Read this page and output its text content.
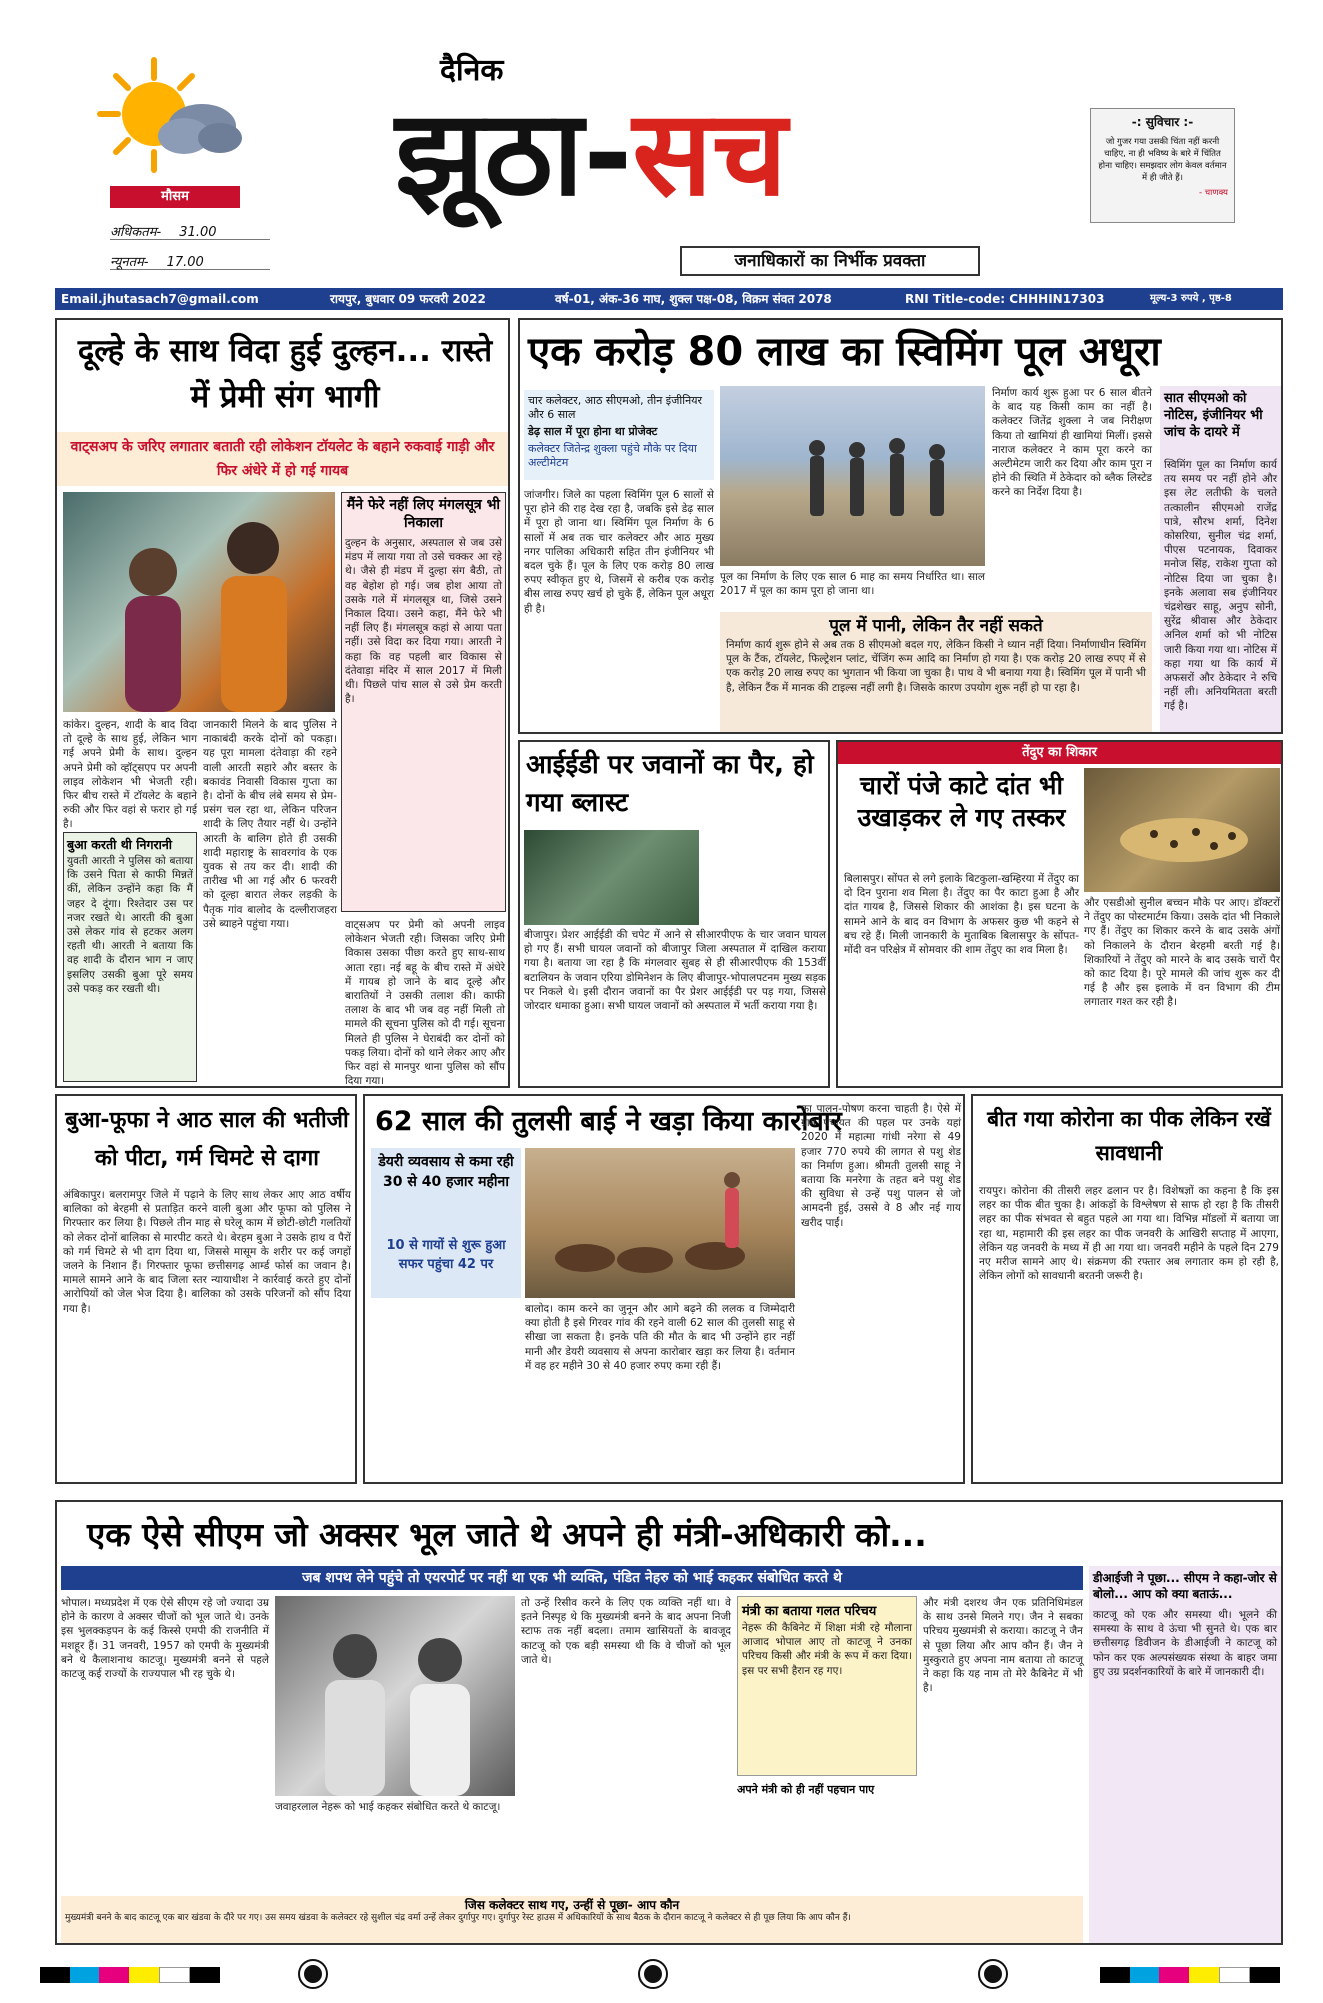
मौसम
अधिकतम- 31.00
न्यूनतम- 17.00
दैनिक
झूठा-सच
जनाधिकारों का निर्भीक प्रवक्ता
-: सुविचार :-
जो गुजर गया उसकी चिंता नहीं करनी चाहिए, ना ही भविष्य के बारे में चिंतित होना चाहिए। समझदार लोग केवल वर्तमान में ही जीते हैं।
- चाणक्य
Email.jhutasach7@gmail.com	रायपुर, बुधवार 09 फरवरी 2022	वर्ष-01, अंक-36 माघ, शुक्ल पक्ष-08, विक्रम संवत 2078	RNI Title-code: CHHHIN17303	मूल्य-3 रुपये , पृष्ठ-8
दूल्हे के साथ विदा हुई दुल्हन... रास्ते में प्रेमी संग भागी
वाट्सअप के जरिए लगातार बताती रही लोकेशन टॉयलेट के बहाने रुकवाई गाड़ी और फिर अंधेरे में हो गई गायब
मैंने फेरे नहीं लिए मंगलसूत्र भी निकाला
दुल्हन के अनुसार, अस्पताल से जब उसे मंडप में लाया गया तो उसे चक्कर आ रहे थे। जैसे ही मंडप में दुल्हा संग बैठी, तो वह बेहोश हो गई। जब होश आया तो उसके गले में मंगलसूत्र था, जिसे उसने निकाल दिया। उसने कहा, मैंने फेरे भी नहीं लिए हैं। मंगलसूत्र कहां से आया पता नहीं। उसे विदा कर दिया गया। आरती ने कहा कि वह पहली बार विकास से दंतेवाड़ा मंदिर में साल 2017 में मिली थी। पिछले पांच साल से उसे प्रेम करती है।
कांकेर। दुल्हन, शादी के बाद विदा तो दूल्हे के साथ हुई, लेकिन भाग गई अपने प्रेमी के साथ। दुल्हन अपने प्रेमी को व्हॉट्सएप पर अपनी लाइव लोकेशन भी भेजती रही। फिर बीच रास्ते में टॉयलेट के बहाने रुकी और फिर वहां से फरार हो गई है।
बुआ करती थी निगरानी
युवती आरती ने पुलिस को बताया कि उसने पिता से काफी मिन्नतें कीं, लेकिन उन्होंने कहा कि मैं जहर दे दूंगा। रिश्तेदार उस पर नजर रखते थे। आरती की बुआ उसे लेकर गांव से हटकर अलग रहती थी। आरती ने बताया कि वह शादी के दौरान भाग न जाए इसलिए उसकी बुआ पूरे समय उसे पकड़ कर रखती थी।
जानकारी मिलने के बाद पुलिस ने नाकाबंदी करके दोनों को पकड़ा। यह पूरा मामला दंतेवाड़ा की रहने वाली आरती सहारे और बस्तर के बकावंड निवासी विकास गुप्ता का है। दोनों के बीच लंबे समय से प्रेम-प्रसंग चल रहा था, लेकिन परिजन शादी के लिए तैयार नहीं थे। उन्होंने आरती के बालिग होते ही उसकी शादी महाराष्ट्र के सावरगांव के एक युवक से तय कर दी। शादी की तारीख भी आ गई और 6 फरवरी को दूल्हा बारात लेकर लड़की के पैतृक गांव बालोद के दल्लीराजहरा उसे ब्याहने पहुंचा गया।	वाट्सअप पर प्रेमी को अपनी लाइव लोकेशन भेजती रही। जिसका जरिए प्रेमी विकास उसका पीछा करते हुए साथ-साथ आता रहा। नई बहू के बीच रास्ते में अंधेरे में गायब हो जाने के बाद दूल्हे और बारातियों ने उसकी तलाश की। काफी तलाश के बाद भी जब वह नहीं मिली तो मामले की सूचना पुलिस को दी गई। सूचना मिलते ही पुलिस ने घेराबंदी कर दोनों को पकड़ लिया। दोनों को थाने लेकर आए और फिर वहां से मानपुर थाना पुलिस को सौंप दिया गया।
एक करोड़ 80 लाख का स्विमिंग पूल अधूरा
चार कलेक्टर, आठ सीएमओ, तीन इंजीनियर और 6 साल
डेढ़ साल में पूरा होना था प्रोजेक्ट
कलेक्टर जितेन्द्र शुक्ला पहुंचे मौके पर दिया अल्टीमेटम
जांजगीर। जिले का पहला स्विमिंग पूल 6 सालों से पूरा होने की राह देख रहा है, जबकि इसे डेढ़ साल में पूरा हो जाना था। स्विमिंग पूल निर्माण के 6 सालों में अब तक चार कलेक्टर और आठ मुख्य नगर पालिका अधिकारी सहित तीन इंजीनियर भी बदल चुके हैं। पूल के लिए एक करोड़ 80 लाख रुपए स्वीकृत हुए थे, जिसमें से करीब एक करोड़ बीस लाख रुपए खर्च हो चुके हैं, लेकिन पूल अधूरा ही है।
पूल का निर्माण के लिए एक साल 6 माह का समय निर्धारित था। साल 2017 में पूल का काम पूरा हो जाना था।
निर्माण कार्य शुरू हुआ पर 6 साल बीतने के बाद यह किसी काम का नहीं है। कलेक्टर जितेंद्र शुक्ला ने जब निरीक्षण किया तो खामियां ही खामियां मिलीं। इससे नाराज कलेक्टर ने काम पूरा करने का अल्टीमेटम जारी कर दिया और काम पूरा न होने की स्थिति में ठेकेदार को ब्लैक लिस्टेड करने का निर्देश दिया है।
पूल में पानी, लेकिन तैर नहीं सकते
निर्माण कार्य शुरू होने से अब तक 8 सीएमओ बदल गए, लेकिन किसी ने ध्यान नहीं दिया। निर्माणाधीन स्विमिंग पूल के टैंक, टॉयलेट, फिल्ट्रेशन प्लांट, चेंजिंग रूम आदि का निर्माण हो गया है। एक करोड़ 20 लाख रुपए में से एक करोड़ 20 लाख रुपए का भुगतान भी किया जा चुका है। पाथ वे भी बनाया गया है। स्विमिंग पूल में पानी भी है, लेकिन टैंक में मानक की टाइल्स नहीं लगी है। जिसके कारण उपयोग शुरू नहीं हो पा रहा है।
सात सीएमओ को नोटिस, इंजीनियर भी जांच के दायरे में
स्विमिंग पूल का निर्माण कार्य तय समय पर नहीं होने और इस लेट लतीफी के चलते तत्कालीन सीएमओ राजेंद्र पात्रे, सौरभ शर्मा, दिनेश कोसरिया, सुनील चंद्र शर्मा, पीएस पटनायक, दिवाकर मनोज सिंह, राकेश गुप्ता को नोटिस दिया जा चुका है। इनके अलावा सब इंजीनियर चंद्रशेखर साहू, अनुप सोनी, सुरेंद्र श्रीवास और ठेकेदार अनिल शर्मा को भी नोटिस जारी किया गया था। नोटिस में कहा गया था कि कार्य में अफसरों और ठेकेदार ने रुचि नहीं ली। अनियमितता बरती गई है।
आईईडी पर जवानों का पैर, हो गया ब्लास्ट
बीजापुर। प्रेशर आईईडी की चपेट में आने से सीआरपीएफ के चार जवान घायल हो गए हैं। सभी घायल जवानों को बीजापुर जिला अस्पताल में दाखिल कराया गया है। बताया जा रहा है कि मंगलवार सुबह से ही सीआरपीएफ की 153वीं बटालियन के जवान एरिया डोमिनेशन के लिए बीजापुर-भोपालपटनम मुख्य सड़क पर निकले थे। इसी दौरान जवानों का पैर प्रेशर आईईडी पर पड़ गया, जिससे जोरदार धमाका हुआ। सभी घायल जवानों को अस्पताल में भर्ती कराया गया है।
तेंदुए का शिकार
चारों पंजे काटे दांत भी उखाड़कर ले गए तस्कर
बिलासपुर। सोंपत से लगे इलाके बिटकुला-खम्हिरया में तेंदुए का दो दिन पुराना शव मिला है। तेंदुए का पैर काटा हुआ है और दांत गायब है, जिससे शिकार की आशंका है। इस घटना के सामने आने के बाद वन विभाग के अफसर कुछ भी कहने से बच रहे हैं। मिली जानकारी के मुताबिक बिलासपुर के सोंपत-मोंदी वन परिक्षेत्र में सोमवार की शाम तेंदुए का शव मिला है।
और एसडीओ सुनील बच्चन मौके पर आए। डॉक्टरों ने तेंदुए का पोस्टमार्टम किया। उसके दांत भी निकाले गए हैं। तेंदुए का शिकार करने के बाद उसके अंगों को निकालने के दौरान बेरहमी बरती गई है। शिकारियों ने तेंदुए को मारने के बाद उसके चारों पैर को काट दिया है। पूरे मामले की जांच शुरू कर दी गई है और इस इलाके में वन विभाग की टीम लगातार गश्त कर रही है।
बुआ-फूफा ने आठ साल की भतीजी को पीटा, गर्म चिमटे से दागा
अंबिकापुर। बलरामपुर जिले में पढ़ाने के लिए साथ लेकर आए आठ वर्षीय बालिका को बेरहमी से प्रताड़ित करने वाली बुआ और फूफा को पुलिस ने गिरफ्तार कर लिया है। पिछले तीन माह से घरेलू काम में छोटी-छोटी गलतियों को लेकर दोनों बालिका से मारपीट करते थे। बेरहम बुआ ने उसके हाथ व पैरों को गर्म चिमटे से भी दाग दिया था, जिससे मासूम के शरीर पर कई जगहों जलने के निशान हैं। गिरफ्तार फूफा छत्तीसगढ़ आर्म्ड फोर्स का जवान है। मामले सामने आने के बाद जिला स्तर न्यायाधीश ने कार्रवाई करते हुए दोनों आरोपियों को जेल भेज दिया है। बालिका को उसके परिजनों को सौंप दिया गया है।
62 साल की तुलसी बाई ने खड़ा किया कारोबार
डेयरी व्यवसाय से कमा रही 30 से 40 हजार महीना
10 से गायों से शुरू हुआ सफर पहुंचा 42 पर
बालोद। काम करने का जुनून और आगे बढ़ने की ललक व जिम्मेदारी क्या होती है इसे गिरवर गांव की रहने वाली 62 साल की तुलसी साहू से सीखा जा सकता है। इनके पति की मौत के बाद भी उन्होंने हार नहीं मानी और डेयरी व्यवसाय से अपना कारोबार खड़ा कर लिया है। वर्तमान में वह हर महीने 30 से 40 हजार रुपए कमा रही हैं।
का पालन-पोषण करना चाहती है। ऐसे में ग्राम पंचायत की पहल पर उनके यहां 2020 में महात्मा गांधी नरेगा से 49 हजार 770 रुपये की लागत से पशु शेड का निर्माण हुआ। श्रीमती तुलसी साहू ने बताया कि मनरेगा के तहत बने पशु शेड की सुविधा से उन्हें पशु पालन से जो आमदनी हुई, उससे वे 8 और नई गाय खरीद पाईं।
बीत गया कोरोना का पीक लेकिन रखें सावधानी
रायपुर। कोरोना की तीसरी लहर ढलान पर है। विशेषज्ञों का कहना है कि इस लहर का पीक बीत चुका है। आंकड़ों के विश्लेषण से साफ हो रहा है कि तीसरी लहर का पीक संभवत से बहुत पहले आ गया था। विभिन्न मॉडलों में बताया जा रहा था, महामारी की इस लहर का पीक जनवरी के आखिरी सप्ताह में आएगा, लेकिन यह जनवरी के मध्य में ही आ गया था। जनवरी महीने के पहले दिन 279 नए मरीज सामने आए थे। संक्रमण की रफ्तार अब लगातार कम हो रही है, लेकिन लोगों को सावधानी बरतनी जरूरी है।
एक ऐसे सीएम जो अक्सर भूल जाते थे अपने ही मंत्री-अधिकारी को...
जब शपथ लेने पहुंचे तो एयरपोर्ट पर नहीं था एक भी व्यक्ति, पंडित नेहरु को भाई कहकर संबोधित करते थे
भोपाल। मध्यप्रदेश में एक ऐसे सीएम रहे जो ज्यादा उम्र होने के कारण वे अक्सर चीजों को भूल जाते थे। उनके इस भुलक्कड़पन के कई किस्से एमपी की राजनीति में मशहूर हैं। 31 जनवरी, 1957 को एमपी के मुख्यमंत्री बने थे कैलाशनाथ काटजू। मुख्यमंत्री बनने से पहले काटजू कई राज्यों के राज्यपाल भी रह चुके थे।
जवाहरलाल नेहरू को भाई कहकर संबोधित करते थे काटजू।
तो उन्हें रिसीव करने के लिए एक व्यक्ति नहीं था। वे इतने निस्पृह थे कि मुख्यमंत्री बनने के बाद अपना निजी स्टाफ तक नहीं बदला। तमाम खासियतों के बावजूद काटजू को एक बड़ी समस्या थी कि वे चीजों को भूल जाते थे।
मंत्री का बताया गलत परिचय
नेहरू की कैबिनेट में शिक्षा मंत्री रहे मौलाना आजाद भोपाल आए तो काटजू ने उनका परिचय किसी और मंत्री के रूप में करा दिया। इस पर सभी हैरान रह गए।
अपने मंत्री को ही नहीं पहचान पाए
और मंत्री दशरथ जैन एक प्रतिनिधिमंडल के साथ उनसे मिलने गए। जैन ने सबका परिचय मुख्यमंत्री से कराया। काटजू ने जैन से पूछा लिया और आप कौन हैं। जैन ने मुस्कुराते हुए अपना नाम बताया तो काटजू ने कहा कि यह नाम तो मेरे कैबिनेट में भी है।
डीआईजी ने पूछा... सीएम ने कहा-जोर से बोलो... आप को क्या बताऊं...
काटजू को एक और समस्या थी। भूलने की समस्या के साथ वे ऊंचा भी सुनते थे। एक बार छत्तीसगढ़ डिवीजन के डीआईजी ने काटजू को फोन कर एक अल्पसंख्यक संस्था के बाहर जमा हुए उग्र प्रदर्शनकारियों के बारे में जानकारी दी।
जिस कलेक्टर साथ गए, उन्हीं से पूछा- आप कौन
मुख्यमंत्री बनने के बाद काटजू एक बार खंडवा के दौरे पर गए। उस समय खंडवा के कलेक्टर रहे सुशील चंद्र वर्मा उन्हें लेकर दुर्गापुर गए। दुर्गापुर रेस्ट हाउस में अधिकारियों के साथ बैठक के दौरान काटजू ने कलेक्टर से ही पूछ लिया कि आप कौन हैं।
